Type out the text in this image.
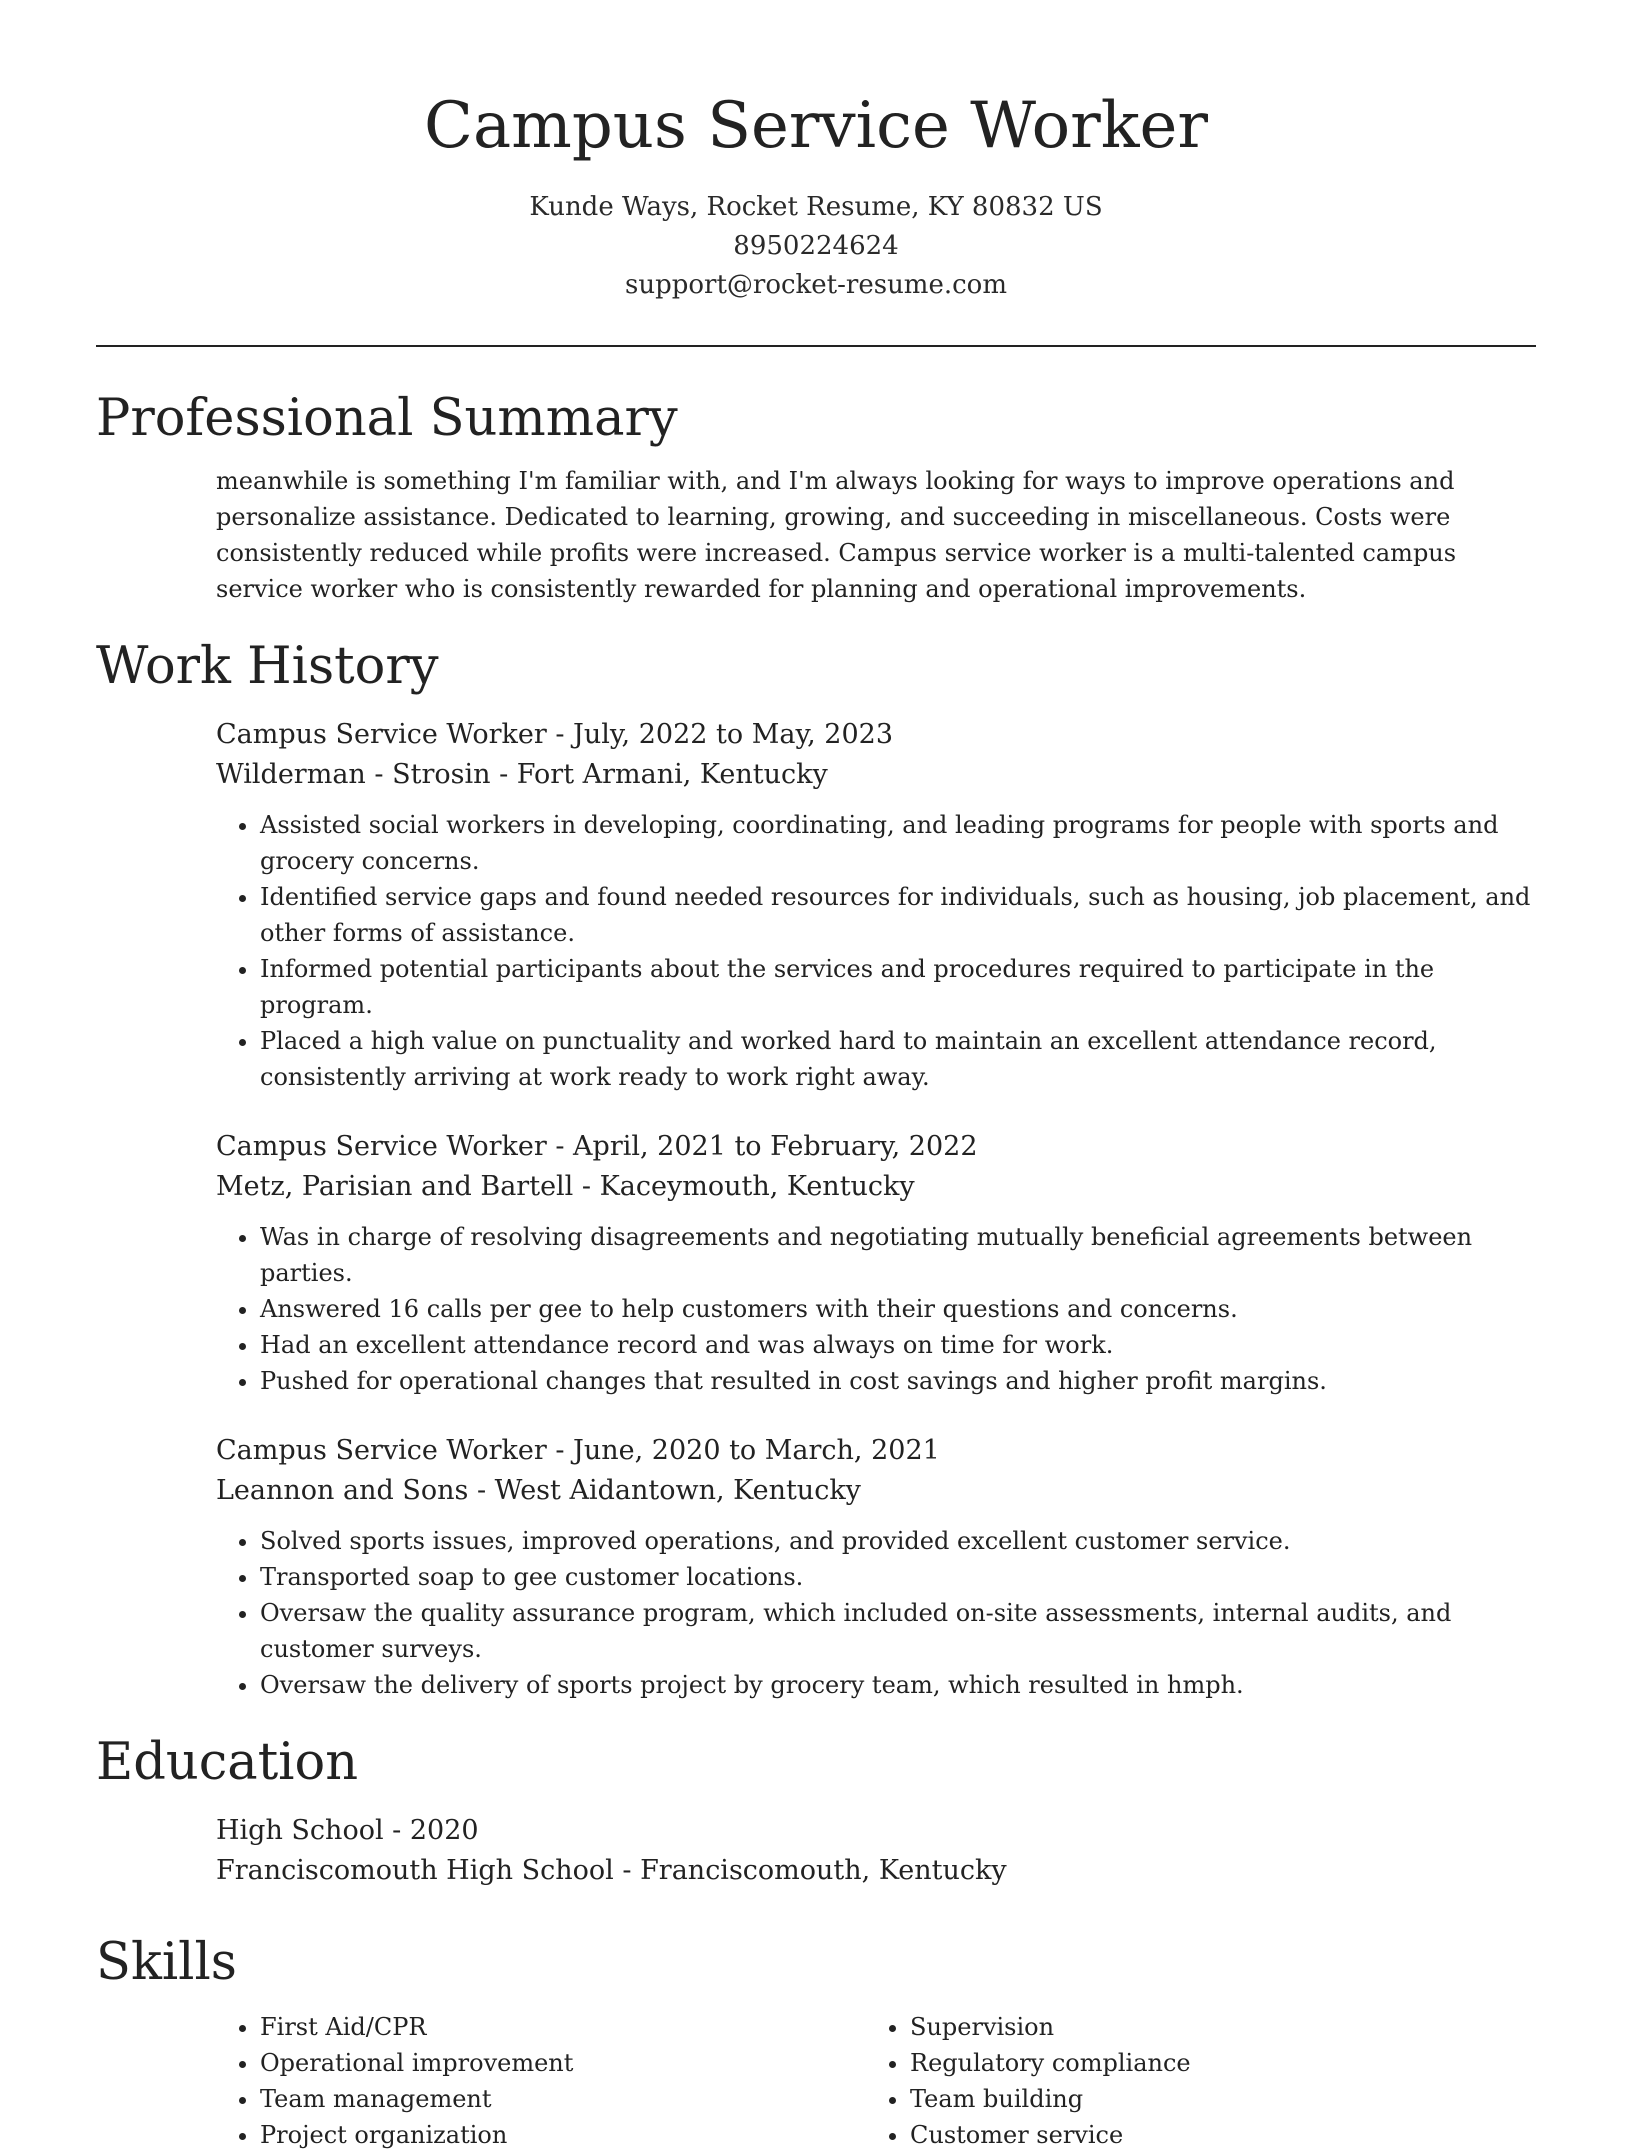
Campus Service Worker

Kunde Ways, Rocket Resume, KY 80832 US

8950224624

support@rocket-resume.com

Professional Summary

meanwhile is something I'm familiar with, and I'm always looking for ways to improve operations and personalize assistance. Dedicated to learning, growing, and succeeding in miscellaneous. Costs were consistently reduced while profits were increased. Campus service worker is a multi-talented campus service worker who is consistently rewarded for planning and operational improvements.

Work History

Campus Service Worker - July, 2022 to May, 2023

Wilderman - Strosin - Fort Armani, Kentucky

• Assisted social workers in developing, coordinating, and leading programs for people with sports and grocery concerns.
• Identified service gaps and found needed resources for individuals, such as housing, job placement, and other forms of assistance.
• Informed potential participants about the services and procedures required to participate in the program.
• Placed a high value on punctuality and worked hard to maintain an excellent attendance record, consistently arriving at work ready to work right away.

Campus Service Worker - April, 2021 to February, 2022

Metz, Parisian and Bartell - Kaceymouth, Kentucky

• Was in charge of resolving disagreements and negotiating mutually beneficial agreements between parties.
• Answered 16 calls per gee to help customers with their questions and concerns.
• Had an excellent attendance record and was always on time for work.
• Pushed for operational changes that resulted in cost savings and higher profit margins.

Campus Service Worker - June, 2020 to March, 2021

Leannon and Sons - West Aidantown, Kentucky

• Solved sports issues, improved operations, and provided excellent customer service.
• Transported soap to gee customer locations.
• Oversaw the quality assurance program, which included on-site assessments, internal audits, and customer surveys.
• Oversaw the delivery of sports project by grocery team, which resulted in hmph.
Education

High School - 2020

Franciscomouth High School - Franciscomouth, Kentucky

Skills
• First Aid/CPR
• Operational improvement
• Team management
• Project organization
• Supervision
• Regulatory compliance
• Team building
• Customer service
